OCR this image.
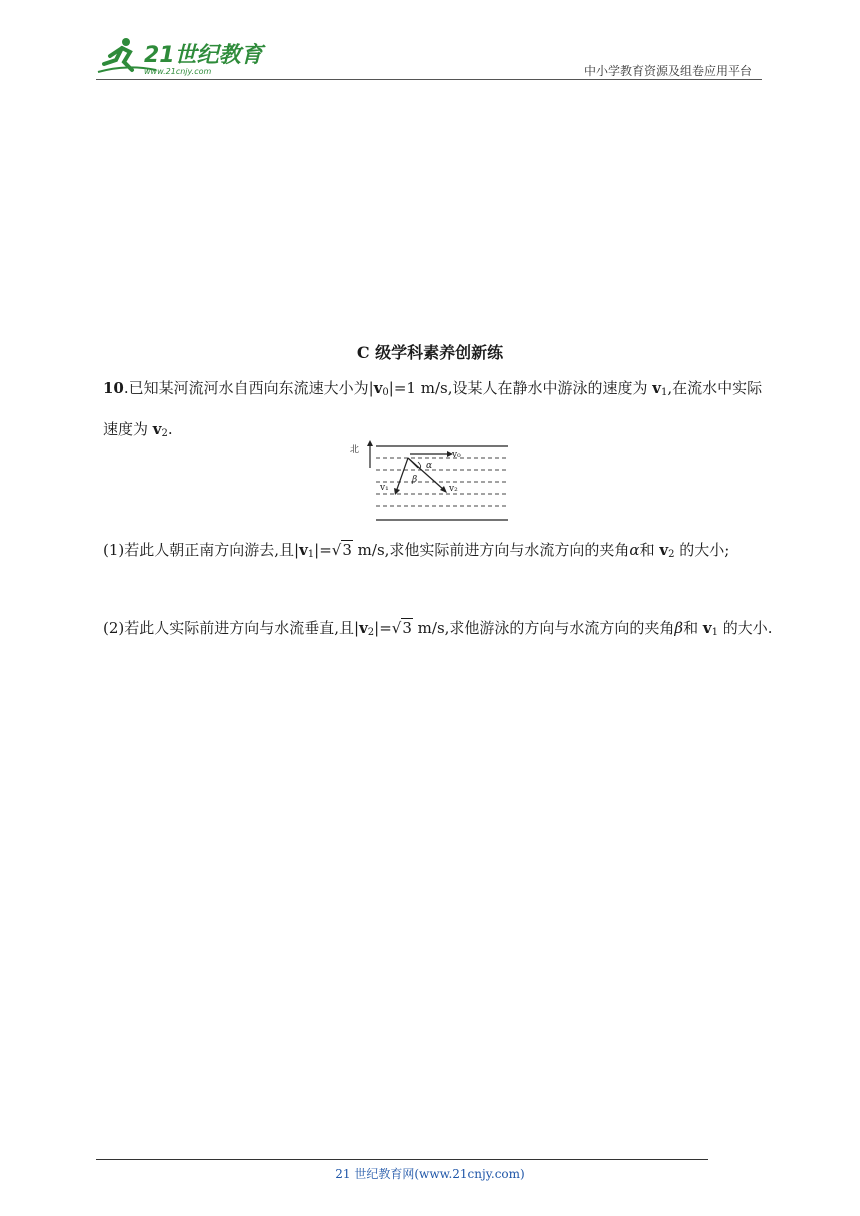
21世纪教育
www.21cnjy.com	中小学教育资源及组卷应用平台
C 级学科素养创新练
10.已知某河流河水自西向东流速大小为$|v_0|=1$ m/s,设某人在静水中游泳的速度为 $v_1$,在流水中实际速度为 $v_2$.
北	v₀
v₁	v₂
α
β
(1)若此人朝正南方向游去,且$|v_1|=√3$ m/s,求他实际前进方向与水流方向的夹角α和 $v_2$ 的大小;
(2)若此人实际前进方向与水流垂直,且$|v_2|=√3$ m/s,求他游泳的方向与水流方向的夹角β和 $v_1$ 的大小.
21 世纪教育网(www.21cnjy.com)
